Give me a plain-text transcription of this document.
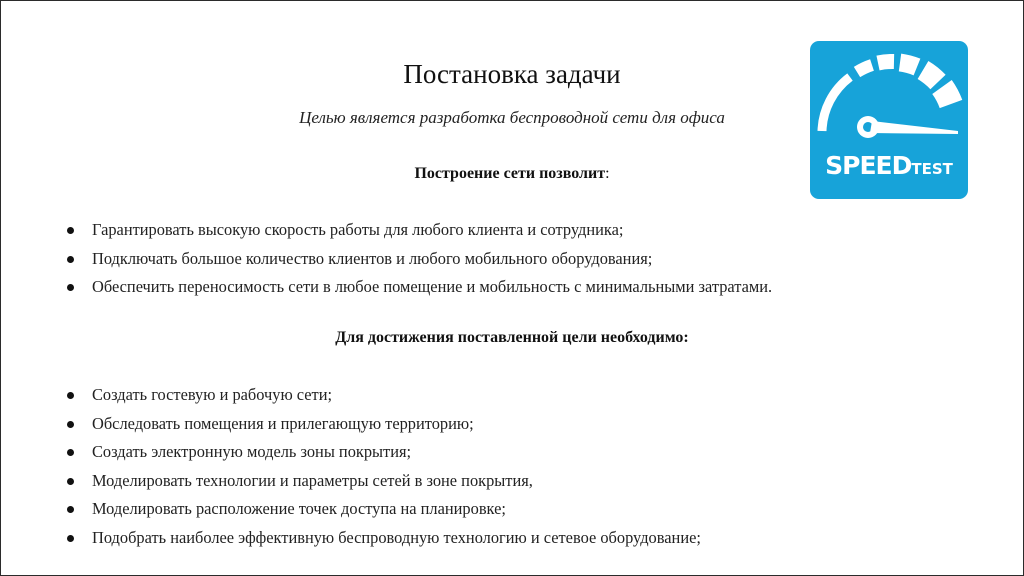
Постановка задачи
Целью является разработка беспроводной сети для офиса
Построение сети позволит:
Гарантировать высокую скорость работы для любого клиента и сотрудника;
Подключать большое количество клиентов и любого мобильного оборудования;
Обеспечить переносимость сети в любое помещение и мобильность с минимальными затратами.
Для достижения поставленной цели необходимо:
Создать гостевую и рабочую сети;
Обследовать помещения и прилегающую территорию;
Создать электронную модель зоны покрытия;
Моделировать технологии и параметры сетей в зоне покрытия,
Моделировать расположение точек доступа на планировке;
Подобрать наиболее эффективную беспроводную технологию и сетевое оборудование;
SPEEDTEST
